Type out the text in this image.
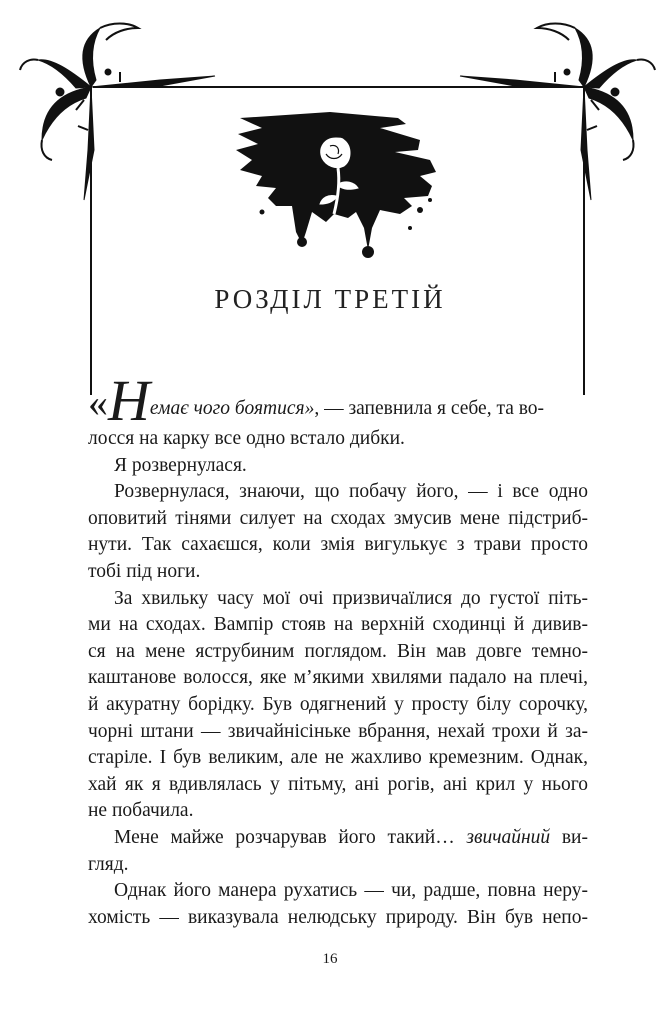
РОЗДІЛ ТРЕТІЙ
«Немає чого боятися», — запевнила я себе, та во-
лосся на карку все одно встало дибки.
Я розвернулася.
Розвернулася, знаючи, що побачу його, — і все одно
оповитий тінями силует на сходах змусив мене підстриб-
нути. Так сахаєшся, коли змія вигулькує з трави просто
тобі під ноги.
За хвильку часу мої очі призвичаїлися до густої піть-
ми на сходах. Вампір стояв на верхній сходинці й дивив-
ся на мене яструбиним поглядом. Він мав довге темно-
каштанове волосся, яке м’якими хвилями падало на плечі,
й акуратну борідку. Був одягнений у просту білу сорочку,
чорні штани — звичайнісіньке вбрання, нехай трохи й за-
старіле. І був великим, але не жахливо кремезним. Однак,
хай як я вдивлялась у пітьму, ані рогів, ані крил у нього
не побачила.
Мене майже розчарував його такий… звичайний ви-
гляд.
Однак його манера рухатись — чи, радше, повна нeру-
хомість — виказувала нелюдську природу. Він був непо-
16
